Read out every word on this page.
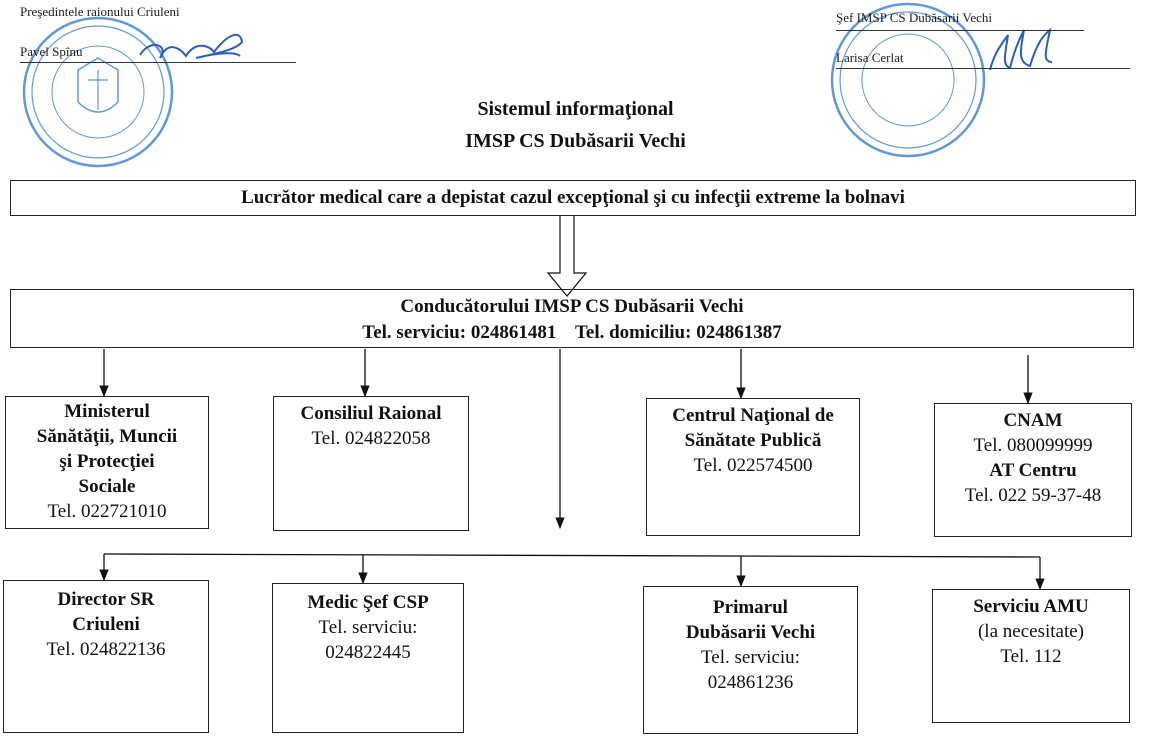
Preşedintele raionului Criuleni
Pavel Spînu
Şef IMSP CS Dubăsarii Vechi
Larisa Cerlat
Sistemul informaţional
IMSP CS Dubăsarii Vechi
Lucrător medical care a depistat cazul excepţional şi cu infecţii extreme la bolnavi
Conducătorului IMSP CS Dubăsarii Vechi
Tel. serviciu: 024861481    Tel. domiciliu: 024861387
Ministerul
Sănătăţii, Muncii
şi Protecţiei
Sociale
Tel. 022721010
Consiliul Raional
Tel. 024822058
Centrul Naţional de
Sănătate Publică
Tel. 022574500
CNAM
Tel. 080099999
AT Centru
Tel. 022 59-37-48
Director SR
Criuleni
Tel. 024822136
Medic Şef CSP
Tel. serviciu:
024822445
Primarul
Dubăsarii Vechi
Tel. serviciu:
024861236
Serviciu AMU
(la necesitate)
Tel. 112
